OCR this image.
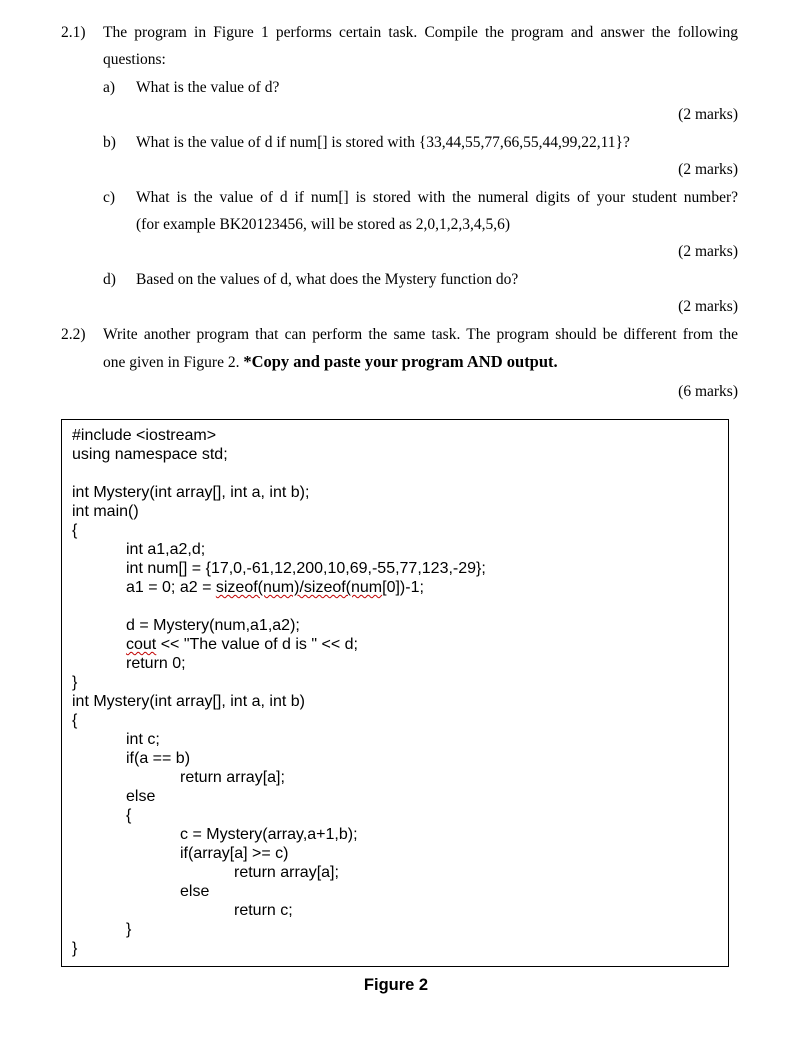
2.1) The program in Figure 1 performs certain task. Compile the program and answer the following
questions:
a) What is the value of d?
(2 marks)
b) What is the value of d if num[] is stored with {33,44,55,77,66,55,44,99,22,11}?
(2 marks)
c) What is the value of d if num[] is stored with the numeral digits of your student number?
(for example BK20123456, will be stored as 2,0,1,2,3,4,5,6)
(2 marks)
d) Based on the values of d, what does the Mystery function do?
(2 marks)
2.2) Write another program that can perform the same task. The program should be different from the
one given in Figure 2. *Copy and paste your program AND output.
(6 marks)
#include <iostream>
using namespace std;
int Mystery(int array[], int a, int b);
int main()
{
int a1,a2,d;
int num[] = {17,0,-61,12,200,10,69,-55,77,123,-29};
a1 = 0; a2 = sizeof(num)/sizeof(num[0])-1;
d = Mystery(num,a1,a2);
cout << "The value of d is " << d;
return 0;
}
int Mystery(int array[], int a, int b)
{
int c;
if(a == b)
return array[a];
else
{
c = Mystery(array,a+1,b);
if(array[a] >= c)
return array[a];
else
return c;
}
}
Figure 2
